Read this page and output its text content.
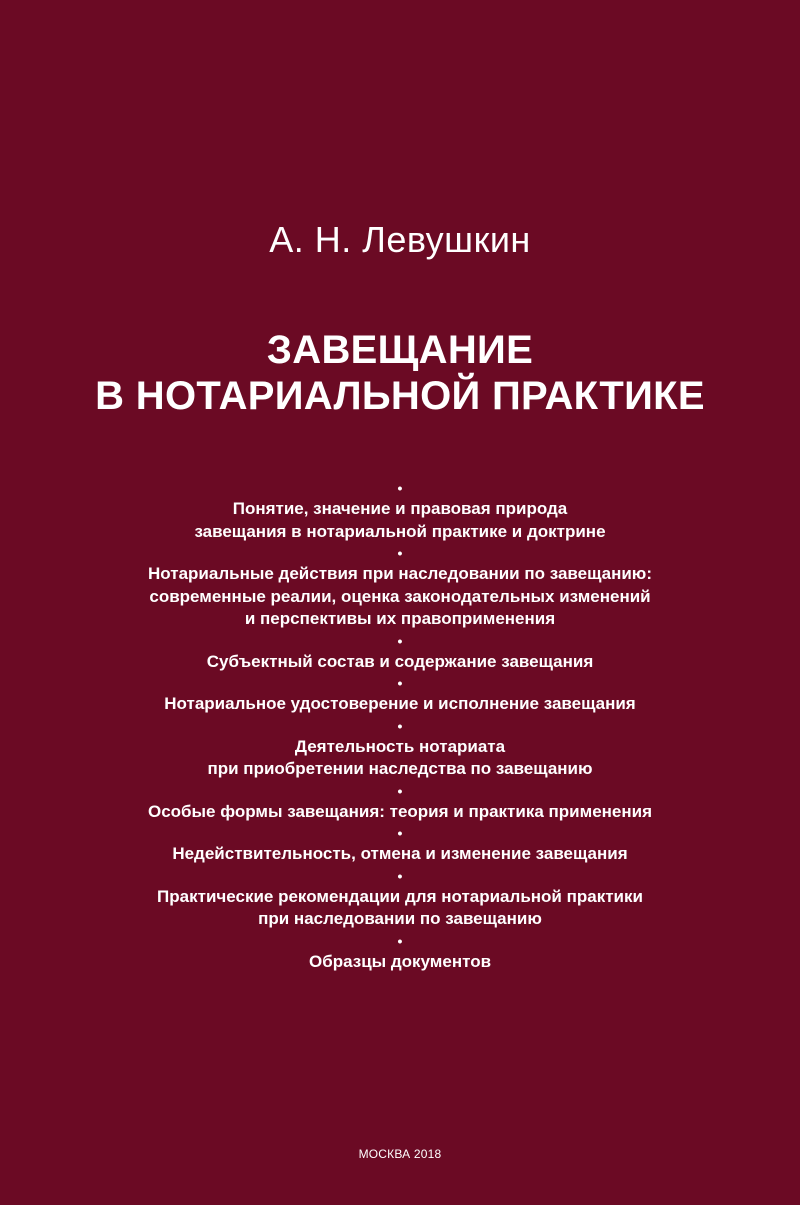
А. Н. Левушкин
ЗАВЕЩАНИЕ
В НОТАРИАЛЬНОЙ ПРАКТИКЕ
•
Понятие, значение и правовая природа
завещания в нотариальной практике и доктрине
•
Нотариальные действия при наследовании по завещанию:
современные реалии, оценка законодательных изменений
и перспективы их правоприменения
•
Субъектный состав и содержание завещания
•
Нотариальное удостоверение и исполнение завещания
•
Деятельность нотариата
при приобретении наследства по завещанию
•
Особые формы завещания: теория и практика применения
•
Недействительность, отмена и изменение завещания
•
Практические рекомендации для нотариальной практики
при наследовании по завещанию
•
Образцы документов
МОСКВА 2018
